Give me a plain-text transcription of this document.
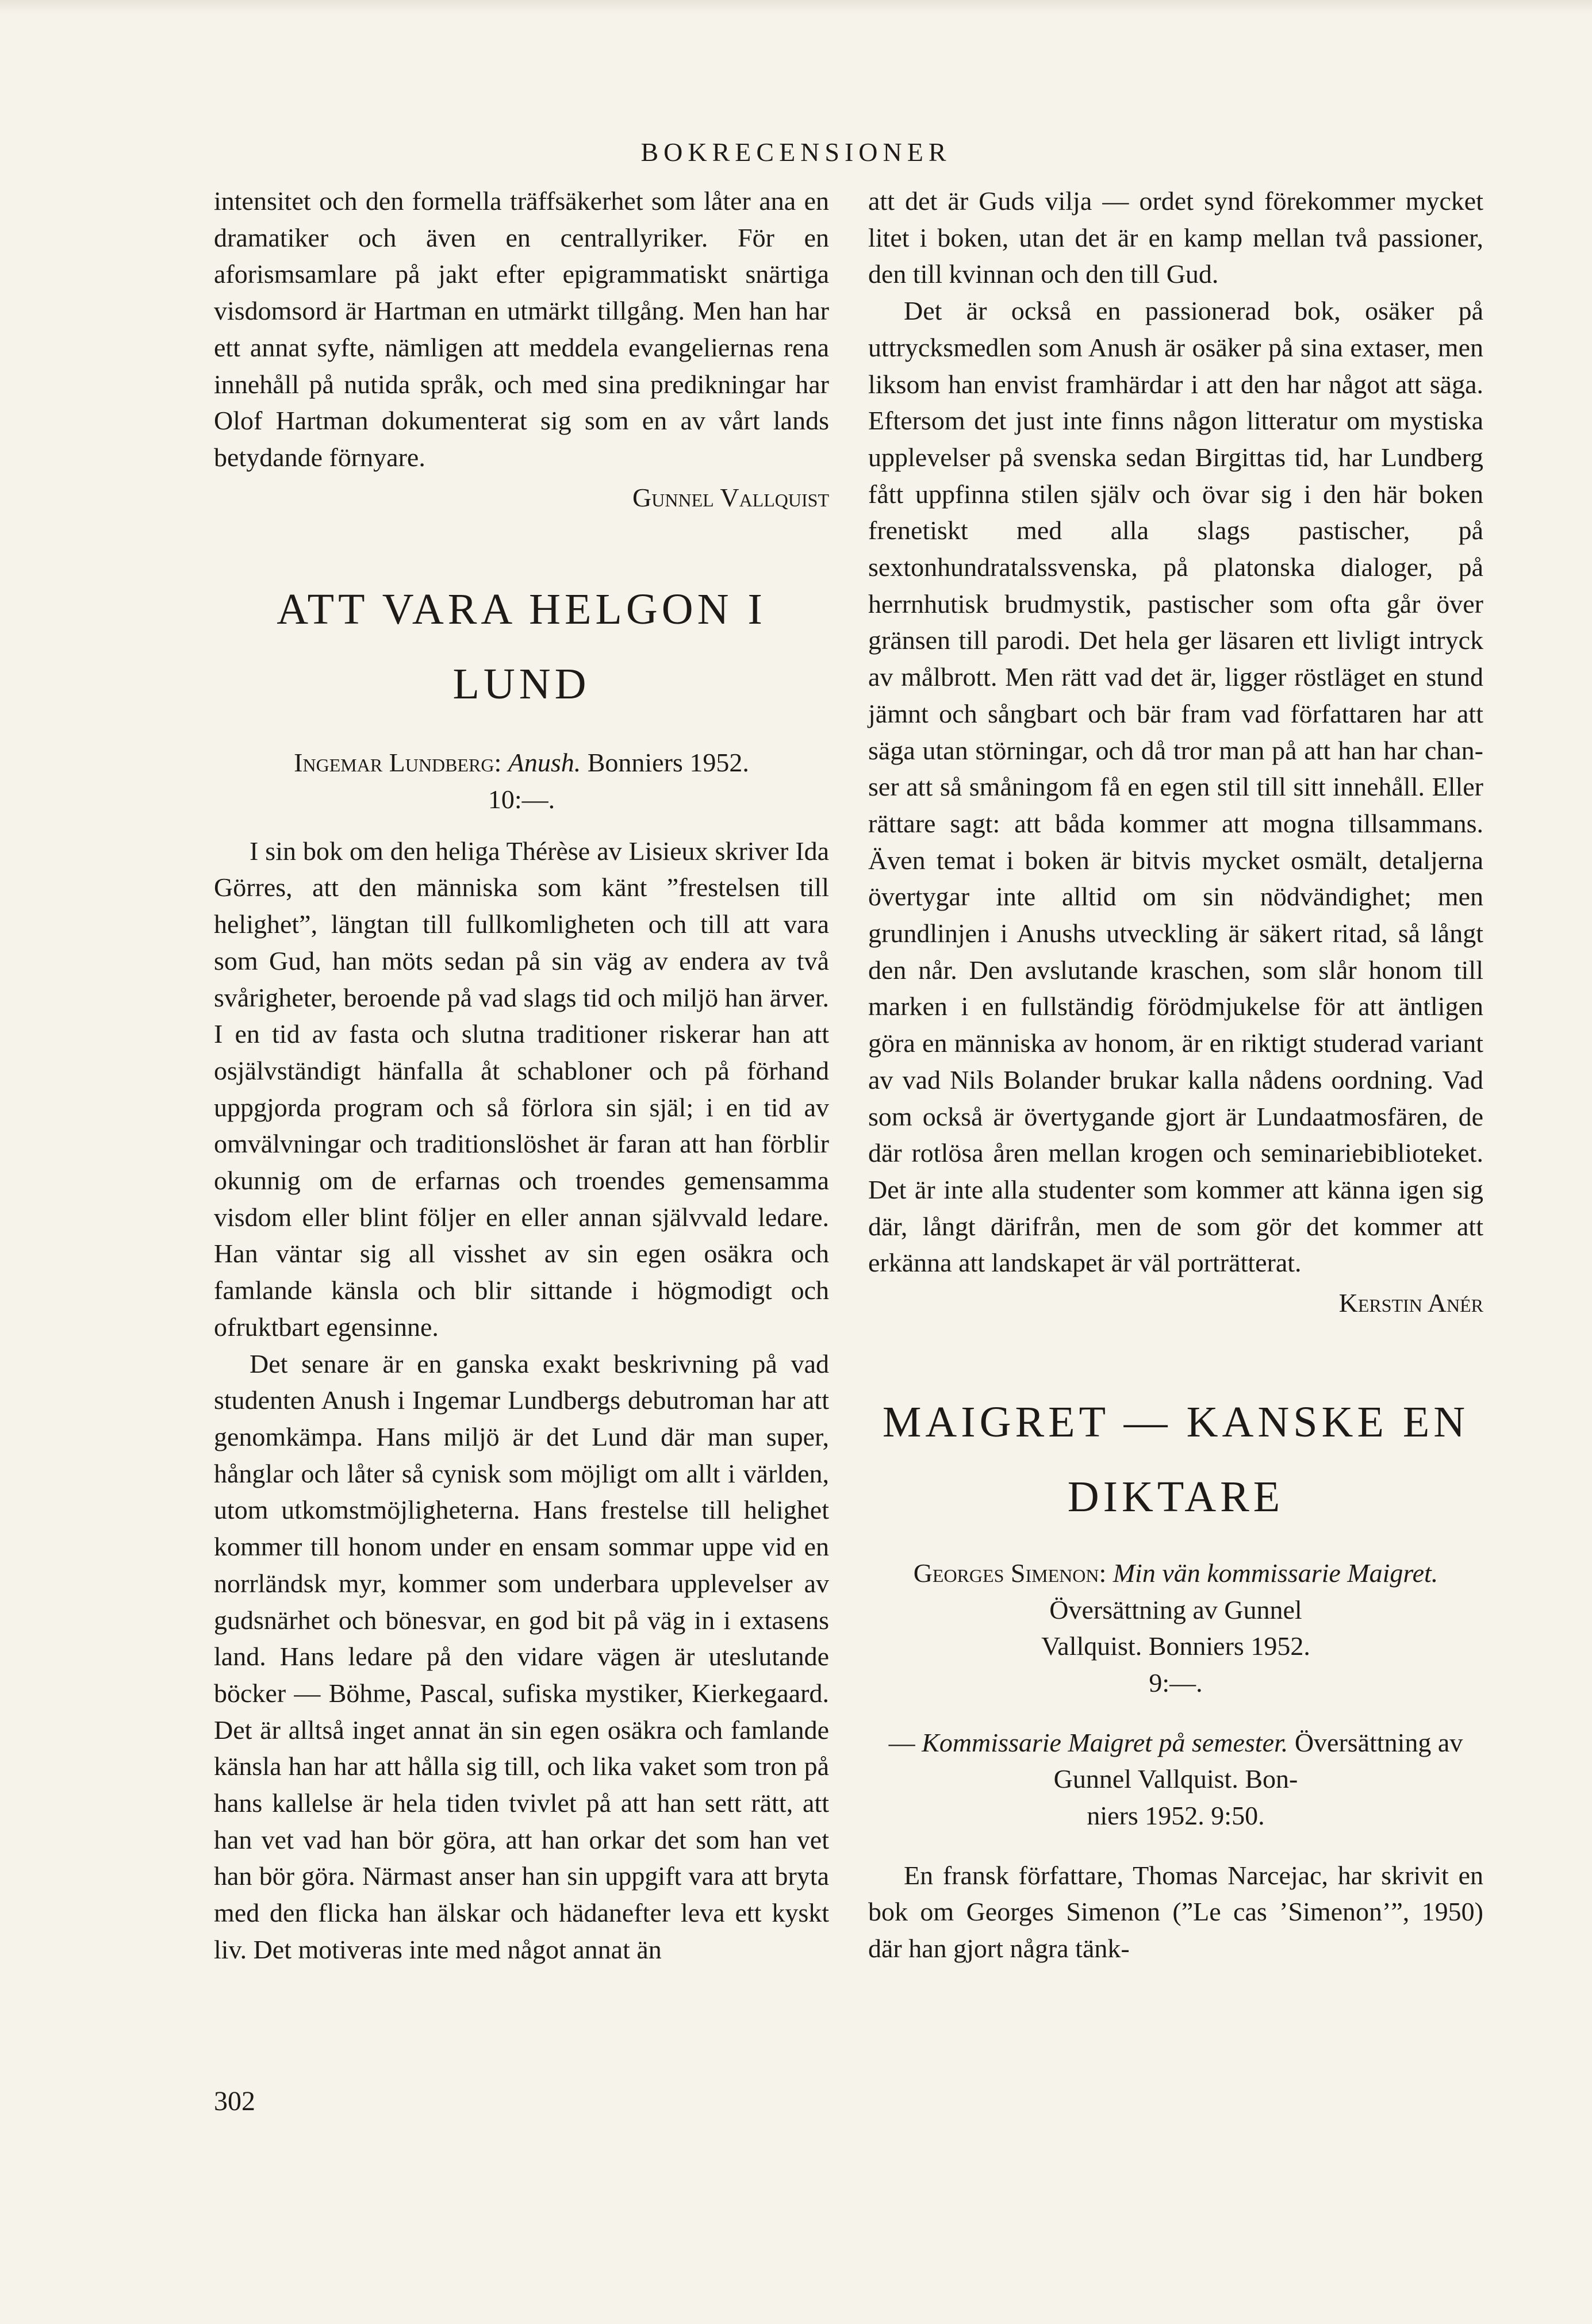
BOKRECENSIONER

intensitet och den formella träffsäkerhet som låter ana en dramatiker och även en centrallyriker. För en aforismsamlare på jakt efter epigrammatiskt snärtiga visdomsord är Hartman en utmärkt tillgång. Men han har ett annat syfte, nämligen att meddela evangeliernas rena innehåll på nutida språk, och med sina predikningar har Olof Hartman dokumenterat sig som en av vårt lands betydande förnyare.

Gunnel Vallquist
ATT VARA HELGON I LUND
Ingemar Lundberg: Anush. Bonniers 1952.
10:—.

I sin bok om den heliga Thérèse av Lisieux skriver Ida Görres, att den människa som känt ”frestelsen till helighet”, längtan till fullkomligheten och till att vara som Gud, han möts sedan på sin väg av endera av två svårigheter, beroende på vad slags tid och miljö han ärver. I en tid av fasta och slutna traditioner riskerar han att osjälvständigt hänfalla åt schabloner och på förhand uppgjorda program och så förlora sin själ; i en tid av omvälvningar och traditionslöshet är faran att han förblir okunnig om de erfarnas och troendes gemensamma visdom eller blint följer en eller annan självvald ledare. Han väntar sig all visshet av sin egen osäkra och famlande känsla och blir sittande i högmodigt och ofruktbart egensinne.

Det senare är en ganska exakt beskrivning på vad studenten Anush i Ingemar Lundbergs debutroman har att genomkämpa. Hans miljö är det Lund där man super, hånglar och låter så cynisk som möjligt om allt i världen, utom utkomstmöjligheterna. Hans frestelse till helighet kommer till honom under en ensam sommar uppe vid en norrländsk myr, kommer som underbara upplevelser av gudsnärhet och bönesvar, en god bit på väg in i extasens land. Hans ledare på den vidare vägen är uteslutande böcker — Böhme, Pascal, sufiska mystiker, Kierkegaard. Det är alltså inget annat än sin egen osäkra och famlande känsla han har att hålla sig till, och lika vaket som tron på hans kallelse är hela tiden tvivlet på att han sett rätt, att han vet vad han bör göra, att han orkar det som han vet han bör göra. Närmast anser han sin uppgift vara att bryta med den flicka han älskar och hädanefter leva ett kyskt liv. Det motiveras inte med något annat än

att det är Guds vilja — ordet synd förekommer mycket litet i boken, utan det är en kamp mellan två passioner, den till kvinnan och den till Gud.

Det är också en passionerad bok, osäker på uttrycksmedlen som Anush är osäker på sina extaser, men liksom han envist framhärdar i att den har något att säga. Eftersom det just inte finns någon litteratur om mystiska upplevelser på svenska sedan Birgittas tid, har Lundberg fått uppfinna stilen själv och övar sig i den här boken frenetiskt med alla slags pastischer, på sextonhundratalssvenska, på platonska dialoger, på herrnhutisk brudmystik, pastischer som ofta går över gränsen till parodi. Det hela ger läsaren ett livligt intryck av målbrott. Men rätt vad det är, ligger röstläget en stund jämnt och sångbart och bär fram vad författaren har att säga utan störningar, och då tror man på att han har chanser att så småningom få en egen stil till sitt innehåll. Eller rättare sagt: att båda kommer att mogna tillsammans. Även temat i boken är bitvis mycket osmält, detaljerna övertygar inte alltid om sin nödvändighet; men grundlinjen i Anushs utveckling är säkert ritad, så långt den når. Den avslutande kraschen, som slår honom till marken i en fullständig förödmjukelse för att äntligen göra en människa av honom, är en riktigt studerad variant av vad Nils Bolander brukar kalla nådens oordning. Vad som också är övertygande gjort är Lundaatmosfären, de där rotlösa åren mellan krogen och seminariebiblioteket. Det är inte alla studenter som kommer att känna igen sig där, långt därifrån, men de som gör det kommer att erkänna att landskapet är väl porträtterat.

Kerstin Anér
MAIGRET — KANSKE EN
DIKTARE
Georges Simenon: Min vän kommissarie Maigret. Översättning av Gunnel
Vallquist. Bonniers 1952.
9:—.
— Kommissarie Maigret på semester. Översättning av Gunnel Vallquist. Bon-
niers 1952. 9:50.

En fransk författare, Thomas Narcejac, har skrivit en bok om Georges Simenon (”Le cas ’Simenon’”, 1950) där han gjort några tänk-

302
